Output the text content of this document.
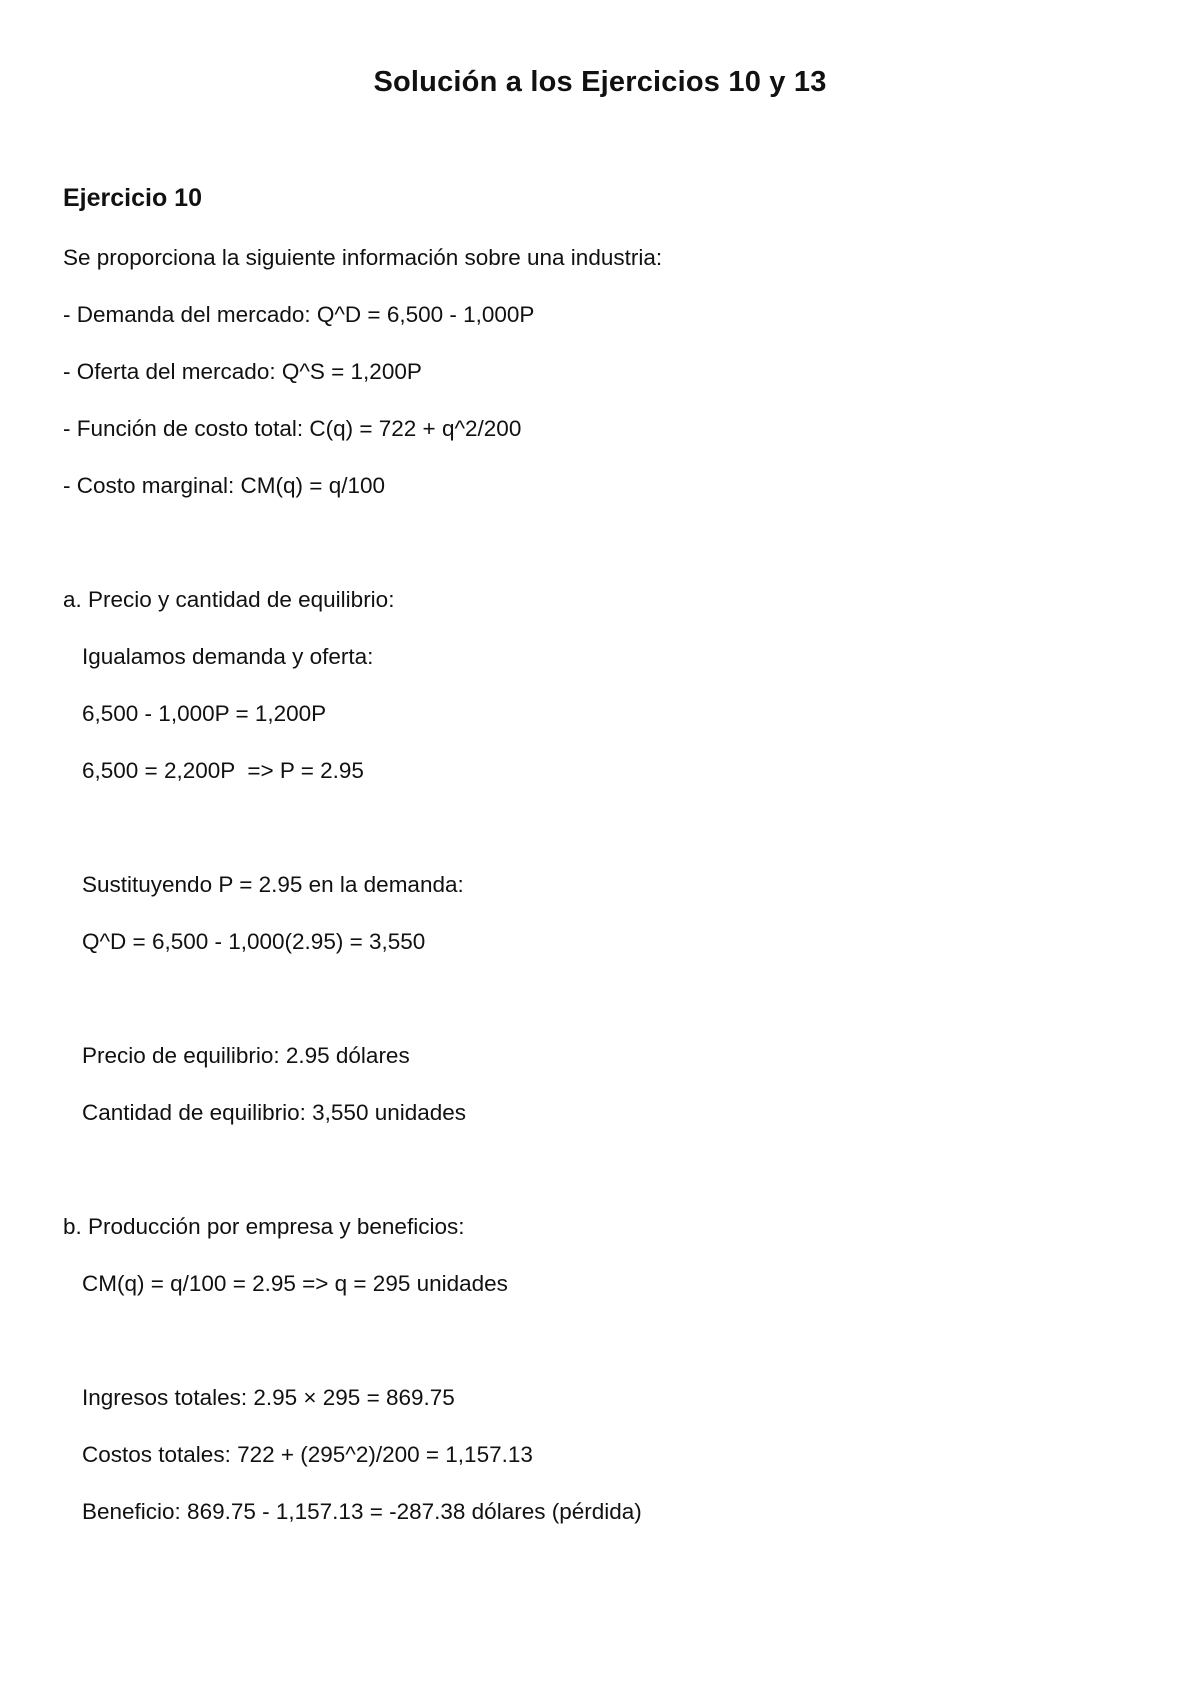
Solución a los Ejercicios 10 y 13
Ejercicio 10
Se proporciona la siguiente información sobre una industria:
- Demanda del mercado: Q^D = 6,500 - 1,000P
- Oferta del mercado: Q^S = 1,200P
- Función de costo total: C(q) = 722 + q^2/200
- Costo marginal: CM(q) = q/100
a. Precio y cantidad de equilibrio:
Igualamos demanda y oferta:
6,500 - 1,000P = 1,200P
6,500 = 2,200P  => P = 2.95
Sustituyendo P = 2.95 en la demanda:
Q^D = 6,500 - 1,000(2.95) = 3,550
Precio de equilibrio: 2.95 dólares
Cantidad de equilibrio: 3,550 unidades
b. Producción por empresa y beneficios:
CM(q) = q/100 = 2.95 => q = 295 unidades
Ingresos totales: 2.95 × 295 = 869.75
Costos totales: 722 + (295^2)/200 = 1,157.13
Beneficio: 869.75 - 1,157.13 = -287.38 dólares (pérdida)
